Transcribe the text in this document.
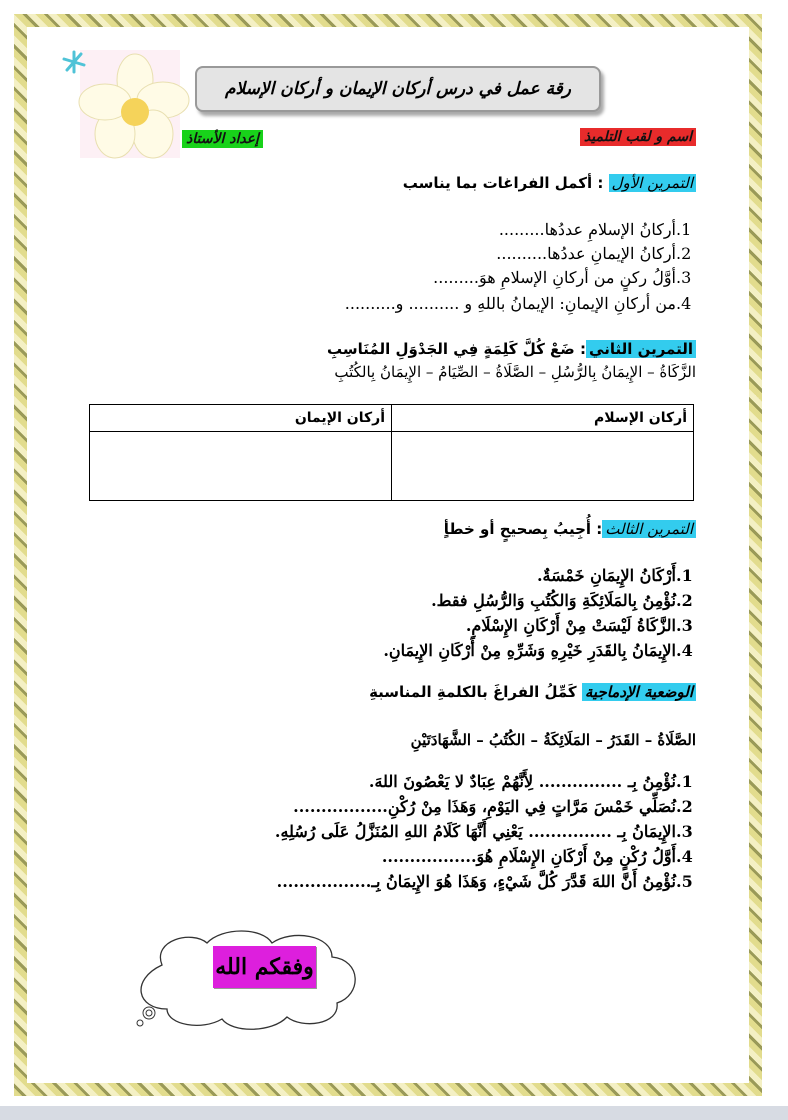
رقة عمل في درس أركان الإيمان و أركان الإسلام
اسم و لقب التلميذ
إعداد الأستاذ
التمرين الأول : أكمل الفراغات بما يناسب
1.أركانُ الإسلامِ عددُها.........
2.أركانُ الإيمانِ عددُها..........
3.أوَّلُ ركنٍ من أركانِ الإسلامِ هوَ.........
4.من أركانِ الإيمانِ: الإيمانُ باللهِ و .......... و..........
التمرين الثاني: ضَعْ كُلَّ كَلِمَةٍ فِي الجَدْوَلِ المُنَاسِبِ
الزَّكَاةُ – الإِيمَانُ بِالرُّسُلِ – الصَّلَاةُ – الصِّيَامُ – الإِيمَانُ بِالكُتُبِ
أركان الإسلام	أركان الإيمان

التمرين الثالث: أُجِيبُ بِصحيحٍ أو خطأٍ
1.أَرْكَانُ الإِيمَانِ خَمْسَةٌ.
2.نُؤْمِنُ بِالمَلَائِكَةِ وَالكُتُبِ وَالرُّسُلِ فقط.
3.الزَّكَاةُ لَيْسَتْ مِنْ أَرْكَانِ الإِسْلَامِ.
4.الإِيمَانُ بِالقَدَرِ خَيْرِهِ وَشَرِّهِ مِنْ أَرْكَانِ الإِيمَانِ.
الوضعية الإدماجية كَمِّلُ الفراغَ بالكلمةِ المناسبةِ
الصَّلَاةُ – القَدَرُ – المَلَائِكَةُ – الكُتُبُ – الشَّهَادَتَيْنِ
1.نُؤْمِنُ بِـ ............... لِأَنَّهُمْ عِبَادٌ لا يَعْصُونَ اللهَ.
2.نُصَلِّي خَمْسَ مَرَّاتٍ فِي اليَوْمِ، وَهَذَا مِنْ رُكْنِ.................
3.الإِيمَانُ بِـ ............... يَعْنِي أَنَّهَا كَلَامُ اللهِ المُنَزَّلُ عَلَى رُسُلِهِ.
4.أَوَّلُ رُكْنٍ مِنْ أَرْكَانِ الإِسْلَامِ هُوَ.................
5.نُؤْمِنُ أَنَّ اللهَ قَدَّرَ كُلَّ شَيْءٍ، وَهَذَا هُوَ الإِيمَانُ بِـ.................
وفقكم الله
